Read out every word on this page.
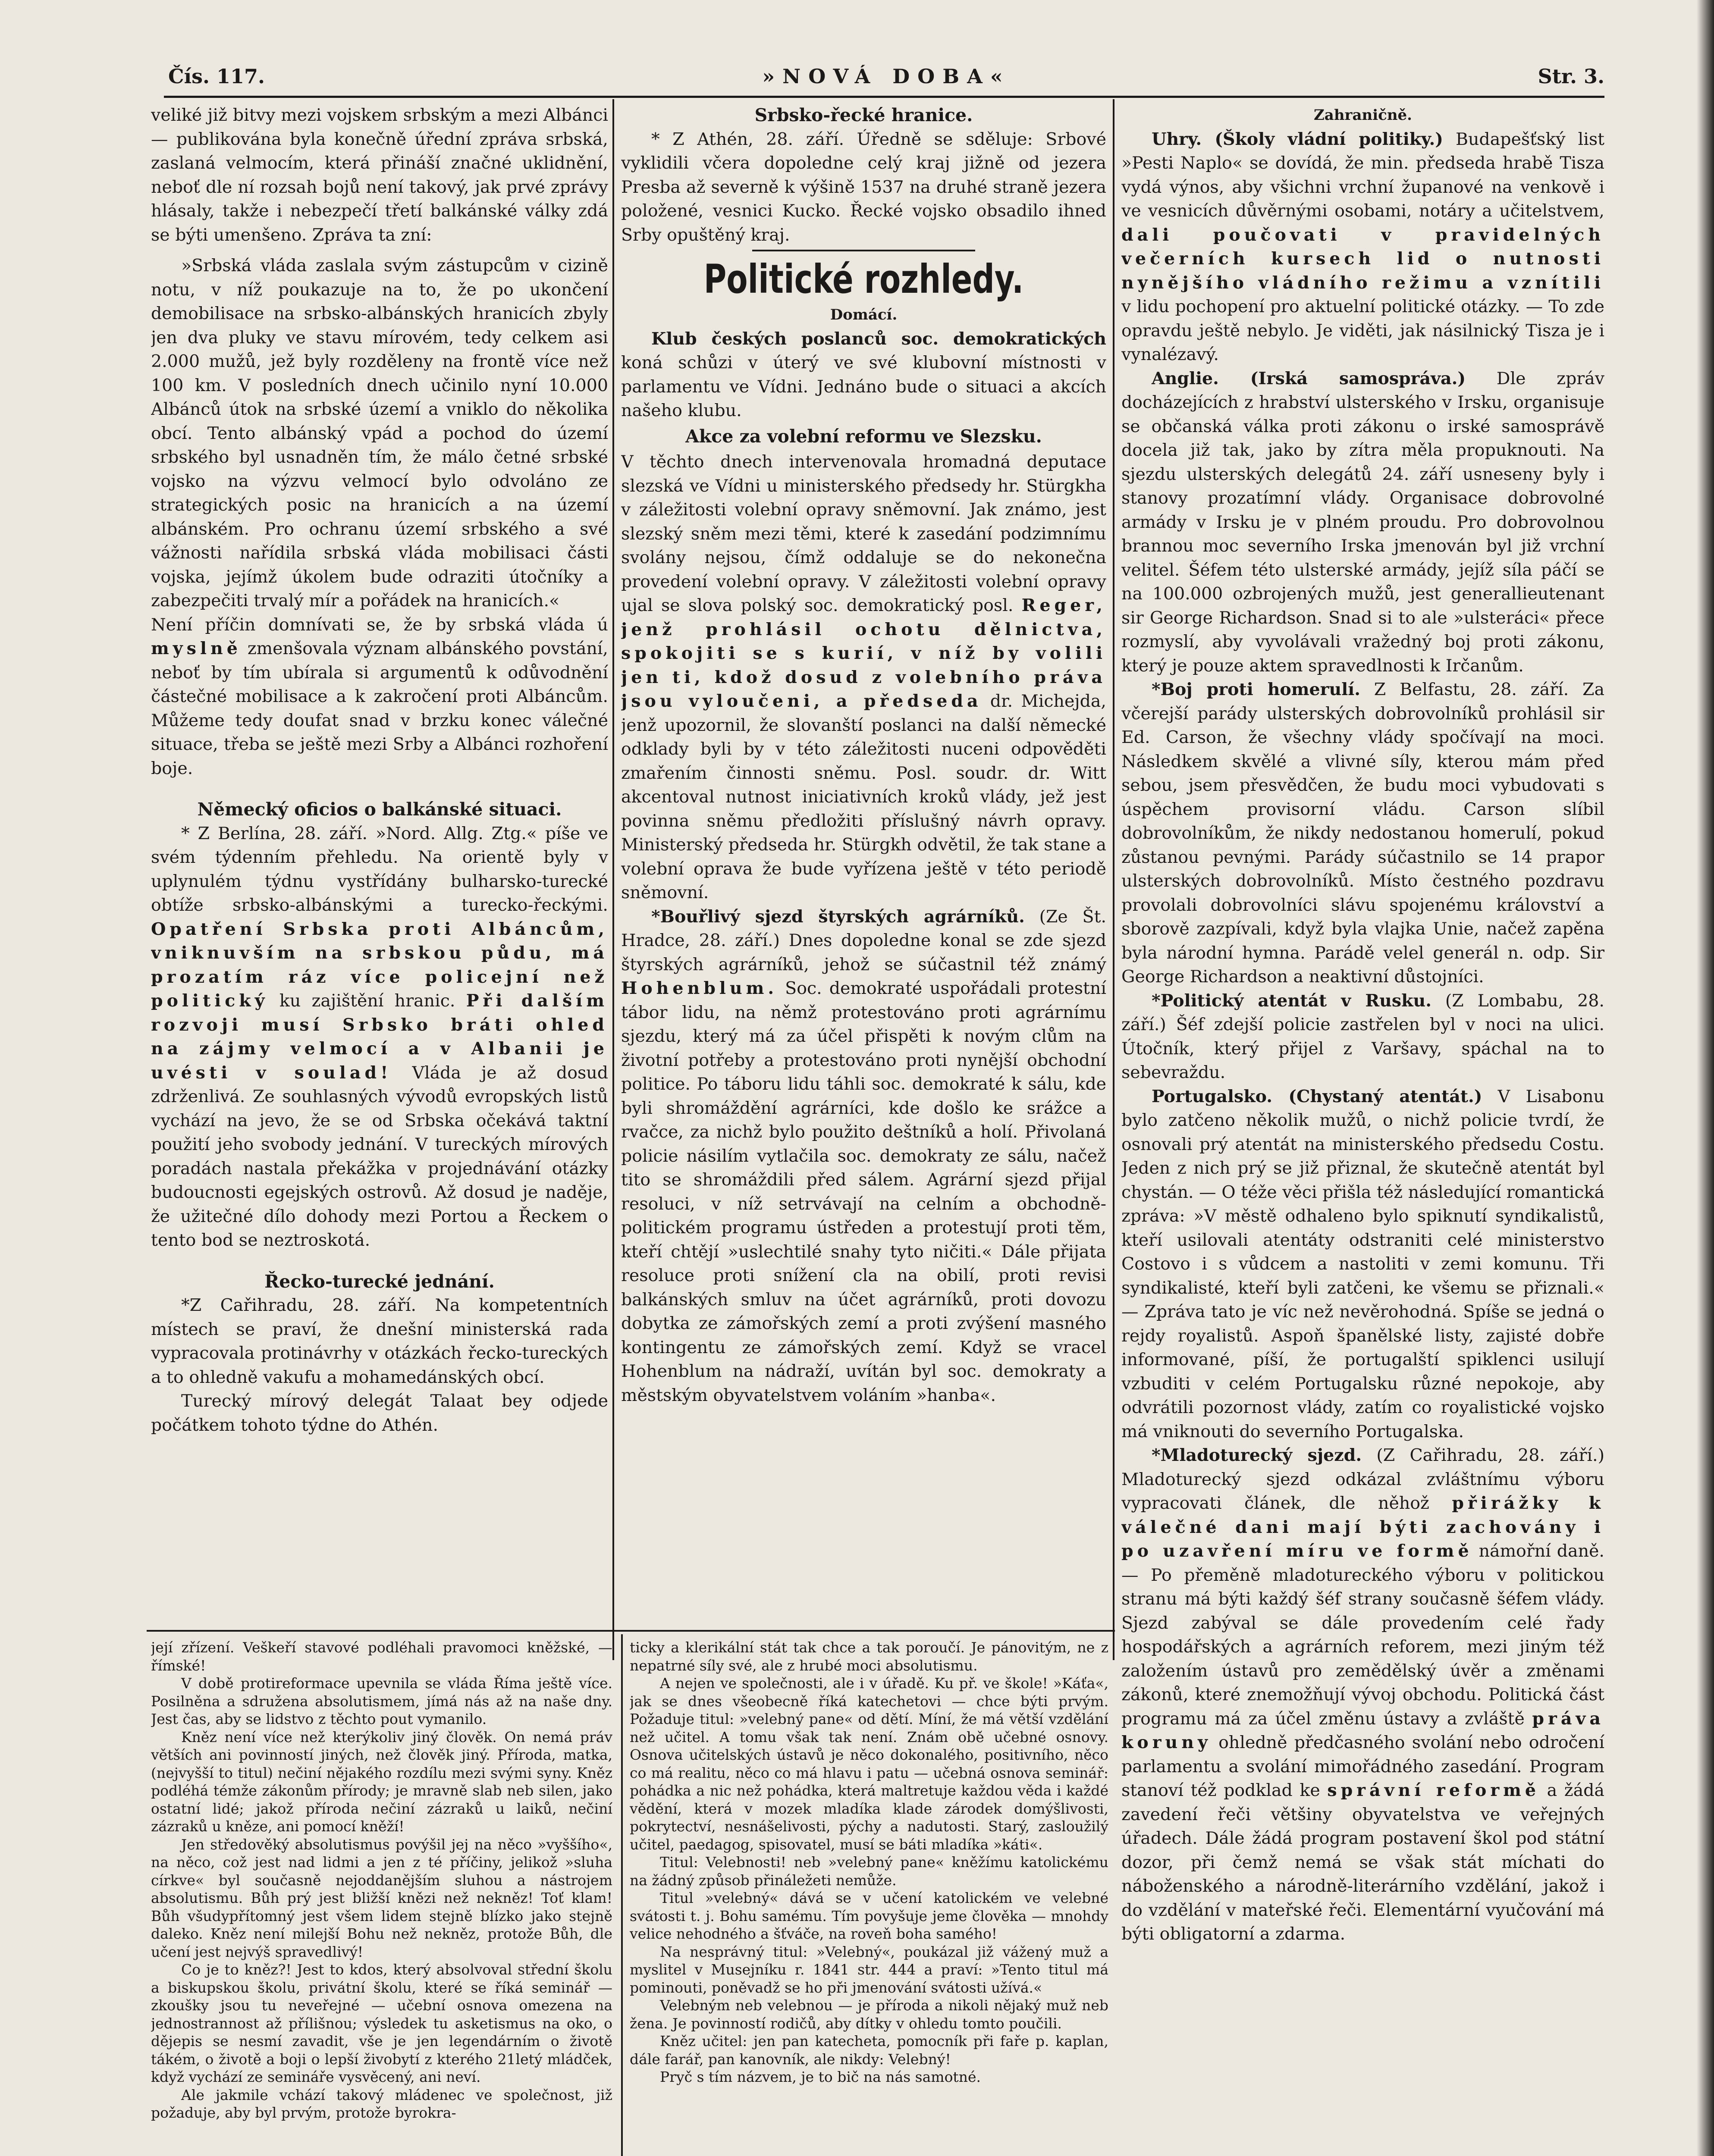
Čís. 117.	»NOVÁ DOBA«	Str. 3.

veliké již bitvy mezi vojskem srbským a mezi Albánci — publikována byla konečně úřední zpráva srbská, zaslaná velmocím, která přináší značné uklidnění, neboť dle ní rozsah bojů není takový, jak prvé zprávy hlásaly, takže i nebezpečí třetí balkánské války zdá se býti umenšeno. Zpráva ta zní:

»Srbská vláda zaslala svým zástupcům v cizině notu, v níž poukazuje na to, že po ukončení demobilisace na srbsko-albánských hranicích zbyly jen dva pluky ve stavu mírovém, tedy celkem asi 2.000 mužů, jež byly rozděleny na frontě více než 100 km. V posledních dnech učinilo nyní 10.000 Albánců útok na srbské území a vniklo do několika obcí. Tento albánský vpád a pochod do území srbského byl usnadněn tím, že málo četné srbské vojsko na výzvu velmocí bylo odvoláno ze strategických posic na hranicích a na území albánském. Pro ochranu území srbského a své vážnosti nařídila srbská vláda mobilisaci části vojska, jejímž úkolem bude odraziti útočníky a zabezpečiti trvalý mír a pořádek na hranicích.«

Není příčin domnívati se, že by srbská vláda ú myslně zmenšovala význam albánského povstání, neboť by tím ubírala si argumentů k odůvodnění částečné mobilisace a k zakročení proti Albáncům. Můžeme tedy doufat snad v brzku konec válečné situace, třeba se ještě mezi Srby a Albánci rozhoření boje.

Německý oficios o balkánské situaci.

* Z Berlína, 28. září. »Nord. Allg. Ztg.« píše ve svém týdenním přehledu. Na orientě byly v uplynulém týdnu vystřídány bulharsko-turecké obtíže srbsko-albánskými a turecko-řeckými. Opatření Srbska proti Albáncům, vniknuvším na srbskou půdu, má prozatím ráz více policejní než politický ku zajištění hranic. Při dalším rozvoji musí Srbsko bráti ohled na zájmy velmocí a v Albanii je uvésti v soulad! Vláda je až dosud zdrženlivá. Ze souhlasných vývodů evropských listů vychází na jevo, že se od Srbska očekává taktní použití jeho svobody jednání. V tureckých mírových poradách nastala překážka v projednávání otázky budoucnosti egejských ostrovů. Až dosud je naděje, že užitečné dílo dohody mezi Portou a Řeckem o tento bod se neztroskotá.

Řecko-turecké jednání.

*Z Cařihradu, 28. září. Na kompetentních místech se praví, že dnešní ministerská rada vypracovala protinávrhy v otázkách řecko-tureckých a to ohledně vakufu a mohamedánských obcí.

Turecký mírový delegát Talaat bey odjede počátkem tohoto týdne do Athén.

Srbsko-řecké hranice.

* Z Athén, 28. září. Úředně se sděluje: Srbové vyklidili včera dopoledne celý kraj jižně od jezera Presba až severně k výšině 1537 na druhé straně jezera položené, vesnici Kucko. Řecké vojsko obsadilo ihned Srby opuštěný kraj.

Politické rozhledy.

Domácí.

Klub českých poslanců soc. demokratických koná schůzi v úterý ve své klubovní místnosti v parlamentu ve Vídni. Jednáno bude o situaci a akcích našeho klubu.

Akce za volební reformu ve Slezsku.

V těchto dnech intervenovala hromadná deputace slezská ve Vídni u ministerského předsedy hr. Stürgkha v záležitosti volební opravy sněmovní. Jak známo, jest slezský sněm mezi těmi, které k zasedání podzimnímu svolány nejsou, čímž oddaluje se do nekonečna provedení volební opravy. V záležitosti volební opravy ujal se slova polský soc. demokratický posl. Reger, jenž prohlásil ochotu dělnictva, spokojiti se s kurií, v níž by volili jen ti, kdož dosud z volebního práva jsou vyloučeni, a předseda dr. Michejda, jenž upozornil, že slovanští poslanci na další německé odklady byli by v této záležitosti nuceni odpověděti zmařením činnosti sněmu. Posl. soudr. dr. Witt akcentoval nutnost iniciativních kroků vlády, jež jest povinna sněmu předložiti příslušný návrh opravy. Ministerský předseda hr. Stürgkh odvětil, že tak stane a volební oprava že bude vyřízena ještě v této periodě sněmovní.

*Bouřlivý sjezd štyrských agrárníků. (Ze Št. Hradce, 28. září.) Dnes dopoledne konal se zde sjezd štyrských agrárníků, jehož se súčastnil též známý Hohenblum. Soc. demokraté uspořádali protestní tábor lidu, na němž protestováno proti agrárnímu sjezdu, který má za účel přispěti k novým clům na životní potřeby a protestováno proti nynější obchodní politice. Po táboru lidu táhli soc. demokraté k sálu, kde byli shromáždění agrárníci, kde došlo ke srážce a rvačce, za nichž bylo použito deštníků a holí. Přivolaná policie násilím vytlačila soc. demokraty ze sálu, načež tito se shromáždili před sálem. Agrární sjezd přijal resoluci, v níž setrvávají na celním a obchodně-politickém programu ústředen a protestují proti těm, kteří chtějí »uslechtilé snahy tyto ničiti.« Dále přijata resoluce proti snížení cla na obilí, proti revisi balkánských smluv na účet agrárníků, proti dovozu dobytka ze zámořských zemí a proti zvýšení masného kontingentu ze zámořských zemí. Když se vracel Hohenblum na nádraží, uvítán byl soc. demokraty a městským obyvatelstvem voláním »hanba«.

Zahraničně.

Uhry. (Školy vládní politiky.) Budapešťský list »Pesti Naplo« se dovídá, že min. předseda hrabě Tisza vydá výnos, aby všichni vrchní županové na venkově i ve vesnicích důvěrnými osobami, notáry a učitelstvem, dali poučovati v pravidelných večerních kursech lid o nutnosti nynějšího vládního režimu a vznítili v lidu pochopení pro aktuelní politické otázky. — To zde opravdu ještě nebylo. Je viděti, jak násilnický Tisza je i vynalézavý.

Anglie. (Irská samospráva.) Dle zpráv docházejících z hrabství ulsterského v Irsku, organisuje se občanská válka proti zákonu o irské samosprávě docela již tak, jako by zítra měla propuknouti. Na sjezdu ulsterských delegátů 24. září usneseny byly i stanovy prozatímní vlády. Organisace dobrovolné armády v Irsku je v plném proudu. Pro dobrovolnou brannou moc severního Irska jmenován byl již vrchní velitel. Šéfem této ulsterské armády, jejíž síla páčí se na 100.000 ozbrojených mužů, jest generallieutenant sir George Richardson. Snad si to ale »ulsteráci« přece rozmyslí, aby vyvolávali vražedný boj proti zákonu, který je pouze aktem spravedlnosti k Irčanům.

*Boj proti homerulí. Z Belfastu, 28. září. Za včerejší parády ulsterských dobrovolníků prohlásil sir Ed. Carson, že všechny vlády spočívají na moci. Následkem skvělé a vlivné síly, kterou mám před sebou, jsem přesvědčen, že budu moci vybudovati s úspěchem provisorní vládu. Carson slíbil dobrovolníkům, že nikdy nedostanou homerulí, pokud zůstanou pevnými. Parády súčastnilo se 14 prapor ulsterských dobrovolníků. Místo čestného pozdravu provolali dobrovolníci slávu spojenému království a sborově zazpívali, když byla vlajka Unie, načež zapěna byla národní hymna. Parádě velel generál n. odp. Sir George Richardson a neaktivní důstojníci.

*Politický atentát v Rusku. (Z Lombabu, 28. září.) Šéf zdejší policie zastřelen byl v noci na ulici. Útočník, který přijel z Varšavy, spáchal na to sebevraždu.

Portugalsko. (Chystaný atentát.) V Lisabonu bylo zatčeno několik mužů, o nichž policie tvrdí, že osnovali prý atentát na ministerského předsedu Costu. Jeden z nich prý se již přiznal, že skutečně atentát byl chystán. — O téže věci přišla též následující romantická zpráva: »V městě odhaleno bylo spiknutí syndikalistů, kteří usilovali atentáty odstraniti celé ministerstvo Costovo i s vůdcem a nastoliti v zemi komunu. Tři syndikalisté, kteří byli zatčeni, ke všemu se přiznali.« — Zpráva tato je víc než nevěrohodná. Spíše se jedná o rejdy royalistů. Aspoň španělské listy, zajisté dobře informované, píší, že portugalští spiklenci usilují vzbuditi v celém Portugalsku různé nepokoje, aby odvrátili pozornost vlády, zatím co royalistické vojsko má vniknouti do severního Portugalska.

*Mladoturecký sjezd. (Z Cařihradu, 28. září.) Mladoturecký sjezd odkázal zvláštnímu výboru vypracovati článek, dle něhož přirážky k válečné dani mají býti zachovány i po uzavření míru ve formě námořní daně. — Po přeměně mladotureckého výboru v politickou stranu má býti každý šéf strany současně šéfem vlády. Sjezd zabýval se dále provedením celé řady hospodářských a agrárních reforem, mezi jiným též založením ústavů pro zemědělský úvěr a změnami zákonů, které znemožňují vývoj obchodu. Politická část programu má za účel změnu ústavy a zvláště práva koruny ohledně předčasného svolání nebo odročení parlamentu a svolání mimořádného zasedání. Program stanoví též podklad ke správní reformě a žádá zavedení řeči většiny obyvatelstva ve veřejných úřadech. Dále žádá program postavení škol pod státní dozor, při čemž nemá se však stát míchati do náboženského a národně-literárního vzdělání, jakož i do vzdělání v mateřské řeči. Elementární vyučování má býti obligatorní a zdarma.

její zřízení. Veškeří stavové podléhali pravomoci kněžské, — římské!

V době protireformace upevnila se vláda Říma ještě více. Posilněna a sdružena absolutismem, jímá nás až na naše dny. Jest čas, aby se lidstvo z těchto pout vymanilo.

Kněz není více než kterýkoliv jiný člověk. On nemá práv větších ani povinností jiných, než člověk jiný. Příroda, matka, (nejvyšší to titul) nečiní nějakého rozdílu mezi svými syny. Kněz podléhá témže zákonům přírody; je mravně slab neb silen, jako ostatní lidé; jakož příroda nečiní zázraků u laiků, nečiní zázraků u kněze, ani pomocí kněží!

Jen středověký absolutismus povýšil jej na něco »vyššího«, na něco, což jest nad lidmi a jen z té příčiny, jelikož »sluha církve« byl současně nejoddanějším sluhou a nástrojem absolutismu. Bůh prý jest bližší knězi než nekněz! Toť klam! Bůh všudypřítomný jest všem lidem stejně blízko jako stejně daleko. Kněz není milejší Bohu než nekněz, protože Bůh, dle učení jest nejvýš spravedlivý!

Co je to kněz?! Jest to kdos, který absolvoval střední školu a biskupskou školu, privátní školu, které se říká seminář — zkoušky jsou tu neveřejné — učební osnova omezena na jednostrannost až přílišnou; výsledek tu asketismus na oko, o dějepis se nesmí zavadit, vše je jen legendárním o životě tákém, o životě a boji o lepší živobytí z kterého 21letý mládček, když vychází ze semináře vysvěcený, ani neví.

Ale jakmile vchází takový mládenec ve společnost, již požaduje, aby byl prvým, protože byrokra-

ticky a klerikální stát tak chce a tak poroučí. Je pánovitým, ne z nepatrné síly své, ale z hrubé moci absolutismu.

A nejen ve společnosti, ale i v úřadě. Ku př. ve škole! »Káťa«, jak se dnes všeobecně říká katechetovi — chce býti prvým. Požaduje titul: »velebný pane« od dětí. Míní, že má větší vzdělání než učitel. A tomu však tak není. Znám obě učebné osnovy. Osnova učitelských ústavů je něco dokonalého, positivního, něco co má realitu, něco co má hlavu i patu — učebná osnova seminář: pohádka a nic než pohádka, která maltretuje každou věda i každé vědění, která v mozek mladíka klade zárodek domýšlivosti, pokrytectví, nesnášelivosti, pýchy a nadutosti. Starý, zasloužilý učitel, paedagog, spisovatel, musí se báti mladíka »káti«.

Titul: Velebnosti! neb »velebný pane« kněžímu katolickému na žádný způsob přináležeti nemůže.

Titul »velebný« dává se v učení katolickém ve velebné svátosti t. j. Bohu samému. Tím povyšuje jeme člověka — mnohdy velice nehodného a šťváče, na roveň boha samého!

Na nesprávný titul: »Velebný«, poukázal již vážený muž a myslitel v Musejníku r. 1841 str. 444 a praví: »Tento titul má pominouti, poněvadž se ho při jmenování svátosti užívá.«

Velebným neb velebnou — je příroda a nikoli nějaký muž neb žena. Je povinností rodičů, aby dítky v ohledu tomto poučili.

Kněz učitel: jen pan katecheta, pomocník při faře p. kaplan, dále farář, pan kanovník, ale nikdy: Velebný!

Pryč s tím názvem, je to bič na nás samotné.
